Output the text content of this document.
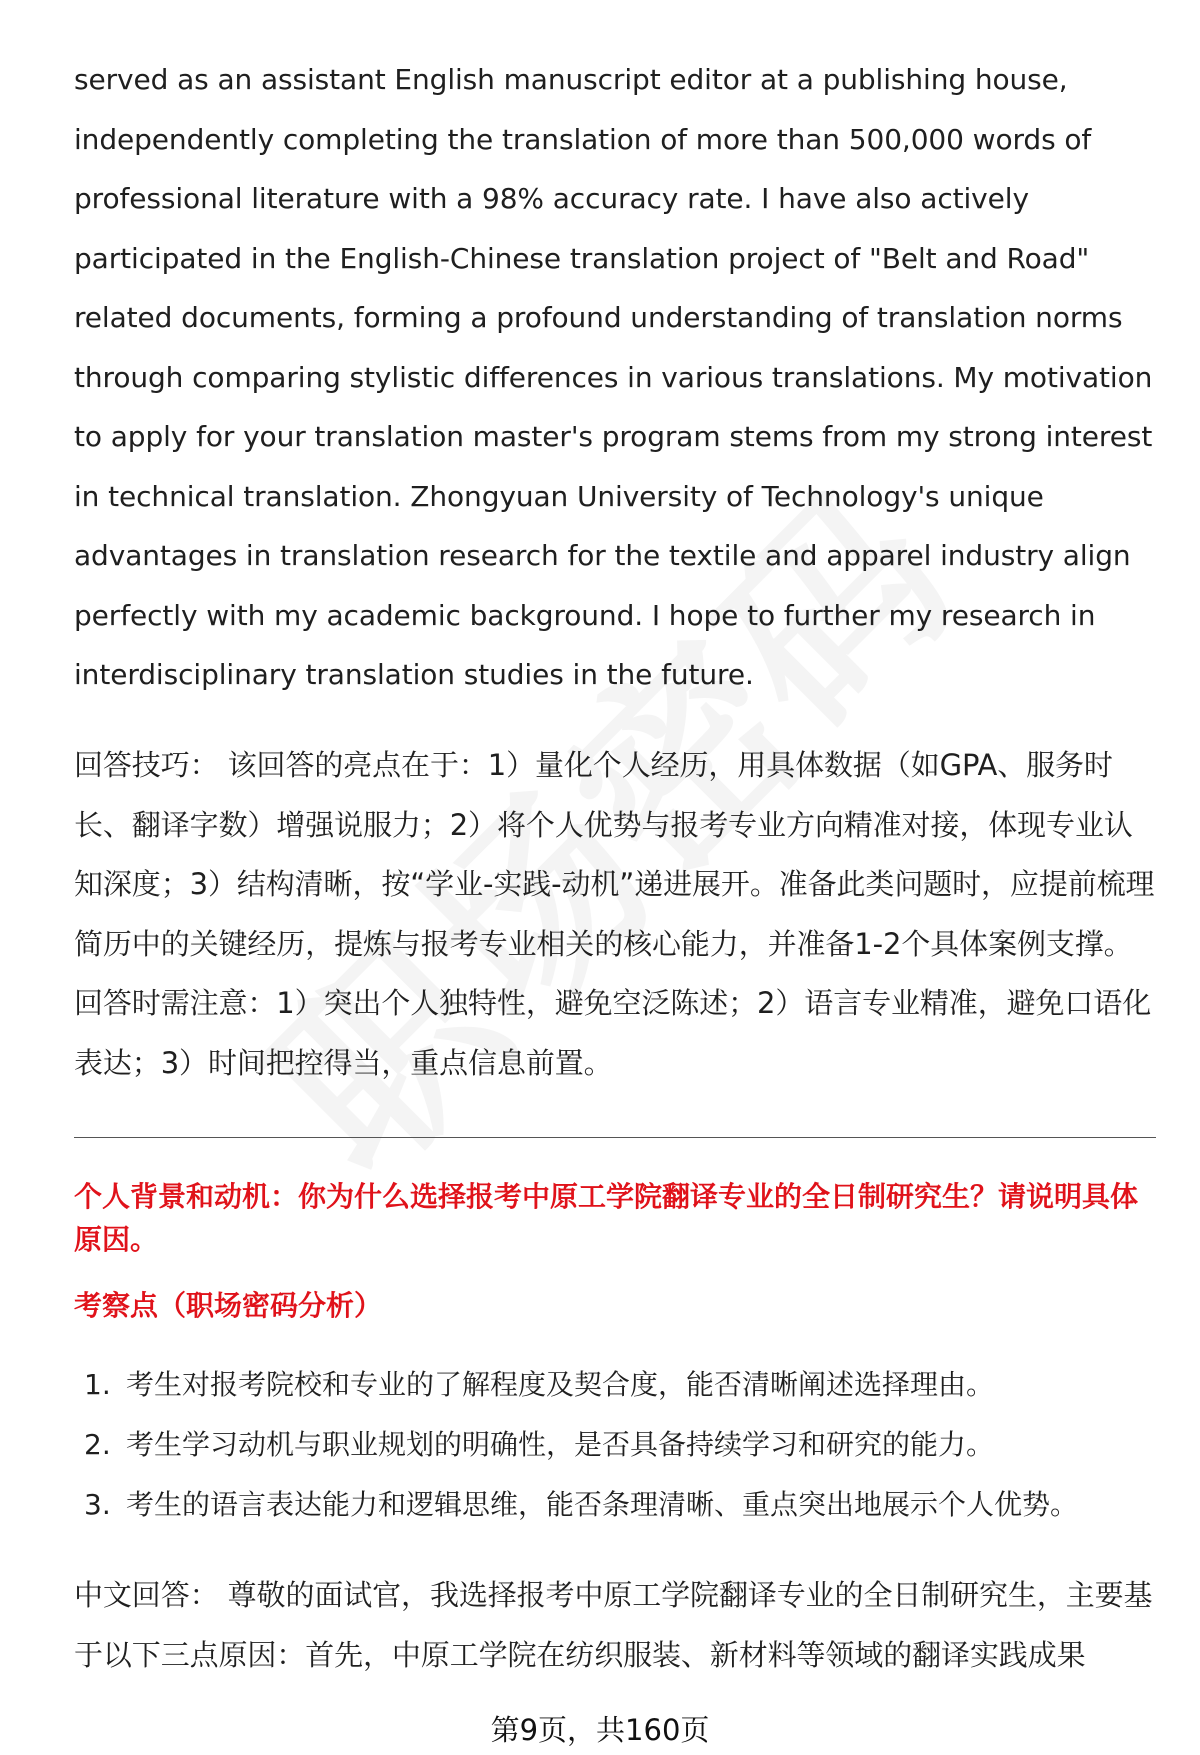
served as an assistant English manuscript editor at a publishing house, independently completing the translation of more than 500,000 words of professional literature with a 98% accuracy rate. I have also actively participated in the English-Chinese translation project of "Belt and Road" related documents, forming a profound understanding of translation norms through comparing stylistic differences in various translations. My motivation to apply for your translation master's program stems from my strong interest in technical translation. Zhongyuan University of Technology's unique advantages in translation research for the textile and apparel industry align perfectly with my academic background. I hope to further my research in interdisciplinary translation studies in the future.

回答技巧： 该回答的亮点在于：1）量化个人经历，用具体数据（如GPA、服务时长、翻译字数）增强说服力；2）将个人优势与报考专业方向精准对接，体现专业认知深度；3）结构清晰，按“学业-实践-动机”递进展开。准备此类问题时，应提前梳理简历中的关键经历，提炼与报考专业相关的核心能力，并准备1-2个具体案例支撑。回答时需注意：1）突出个人独特性，避免空泛陈述；2）语言专业精准，避免口语化表达；3）时间把控得当，重点信息前置。

个人背景和动机：你为什么选择报考中原工学院翻译专业的全日制研究生？请说明具体原因。

考察点（职场密码分析）

1. 考生对报考院校和专业的了解程度及契合度，能否清晰阐述选择理由。
2. 考生学习动机与职业规划的明确性，是否具备持续学习和研究的能力。
3. 考生的语言表达能力和逻辑思维，能否条理清晰、重点突出地展示个人优势。

中文回答： 尊敬的面试官，我选择报考中原工学院翻译专业的全日制研究生，主要基于以下三点原因：首先，中原工学院在纺织服装、新材料等领域的翻译实践成果

第9页，共160页
